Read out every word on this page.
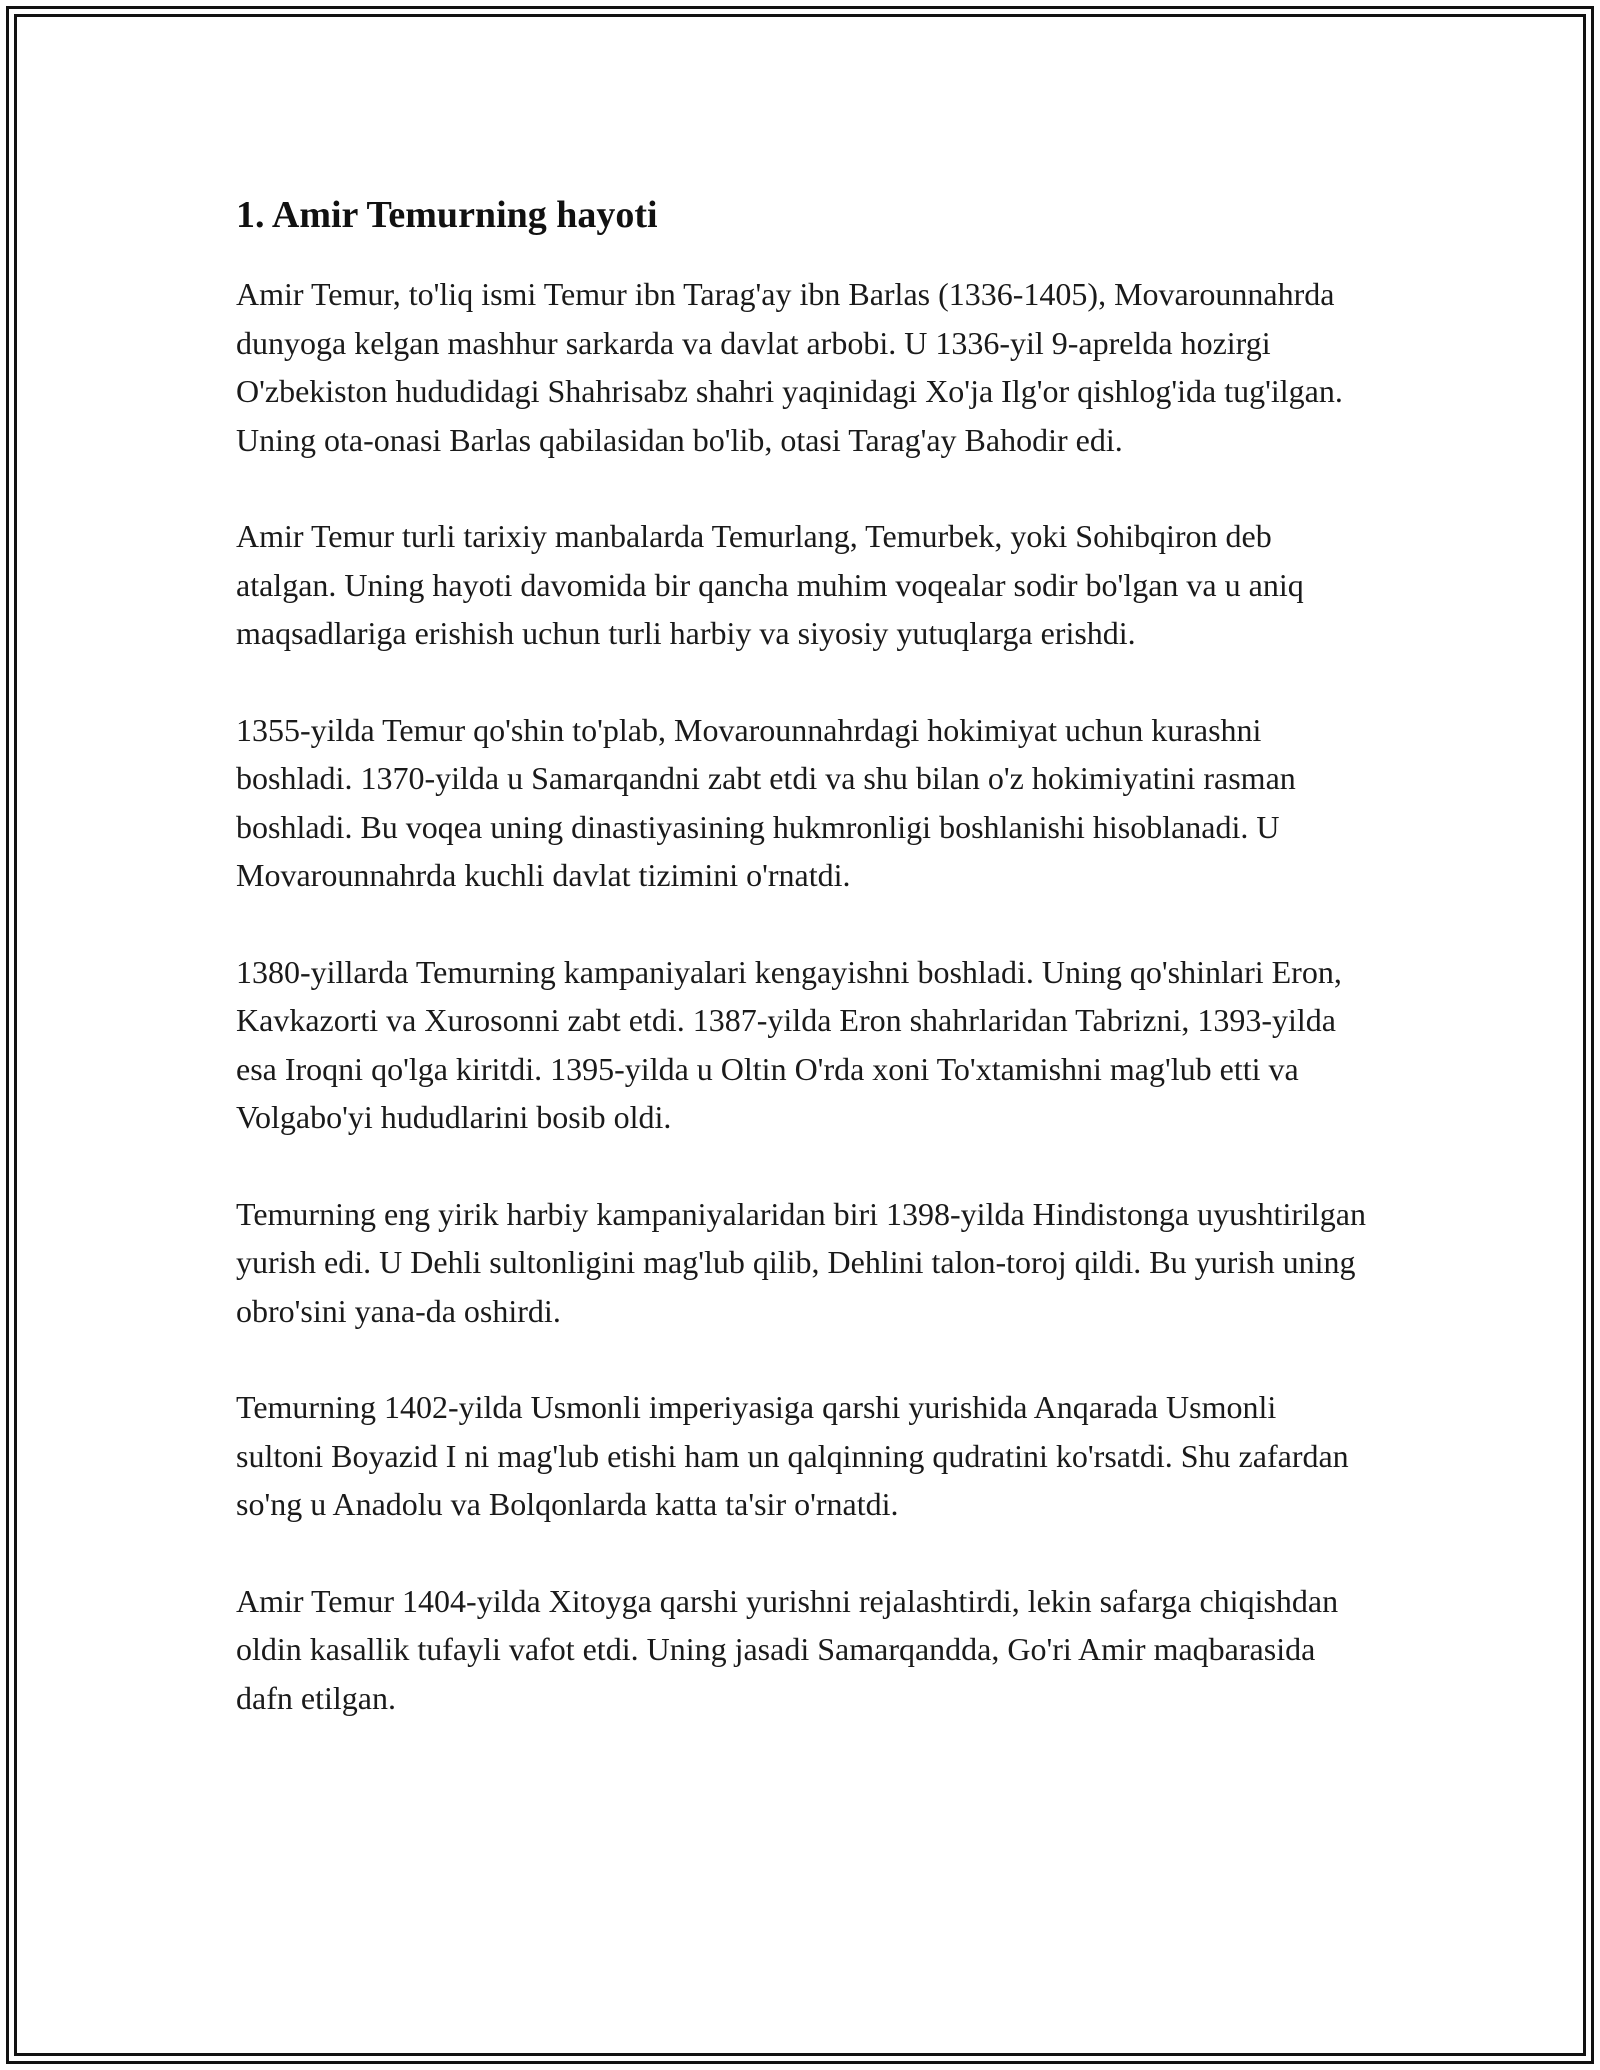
1. Amir Temurning hayoti

Amir Temur, to'liq ismi Temur ibn Tarag'ay ibn Barlas (1336-1405), Movarounnahrda dunyoga kelgan mashhur sarkarda va davlat arbobi. U 1336-yil 9-aprelda hozirgi O'zbekiston hududidagi Shahrisabz shahri yaqinidagi Xo'ja Ilg'or qishlog'ida tug'ilgan. Uning ota-onasi Barlas qabilasidan bo'lib, otasi Tarag'ay Bahodir edi.

Amir Temur turli tarixiy manbalarda Temurlang, Temurbek, yoki Sohibqiron deb atalgan. Uning hayoti davomida bir qancha muhim voqealar sodir bo'lgan va u aniq maqsadlariga erishish uchun turli harbiy va siyosiy yutuqlarga erishdi.

1355-yilda Temur qo'shin to'plab, Movarounnahrdagi hokimiyat uchun kurashni boshladi. 1370-yilda u Samarqandni zabt etdi va shu bilan o'z hokimiyatini rasman boshladi. Bu voqea uning dinastiyasining hukmronligi boshlanishi hisoblanadi. U Movarounnahrda kuchli davlat tizimini o'rnatdi.

1380-yillarda Temurning kampaniyalari kengayishni boshladi. Uning qo'shinlari Eron, Kavkazorti va Xurosonni zabt etdi. 1387-yilda Eron shahrlaridan Tabrizni, 1393-yilda esa Iroqni qo'lga kiritdi. 1395-yilda u Oltin O'rda xoni To'xtamishni mag'lub etti va Volgabo'yi hududlarini bosib oldi.

Temurning eng yirik harbiy kampaniyalaridan biri 1398-yilda Hindistonga uyushtirilgan yurish edi. U Dehli sultonligini mag'lub qilib, Dehlini talon-toroj qildi. Bu yurish uning obro'sini yana-da oshirdi.

Temurning 1402-yilda Usmonli imperiyasiga qarshi yurishida Anqarada Usmonli sultoni Boyazid I ni mag'lub etishi ham un qalqinning qudratini ko'rsatdi. Shu zafardan so'ng u Anadolu va Bolqonlarda katta ta'sir o'rnatdi.

Amir Temur 1404-yilda Xitoyga qarshi yurishni rejalashtirdi, lekin safarga chiqishdan oldin kasallik tufayli vafot etdi. Uning jasadi Samarqandda, Go'ri Amir maqbarasida dafn etilgan.
